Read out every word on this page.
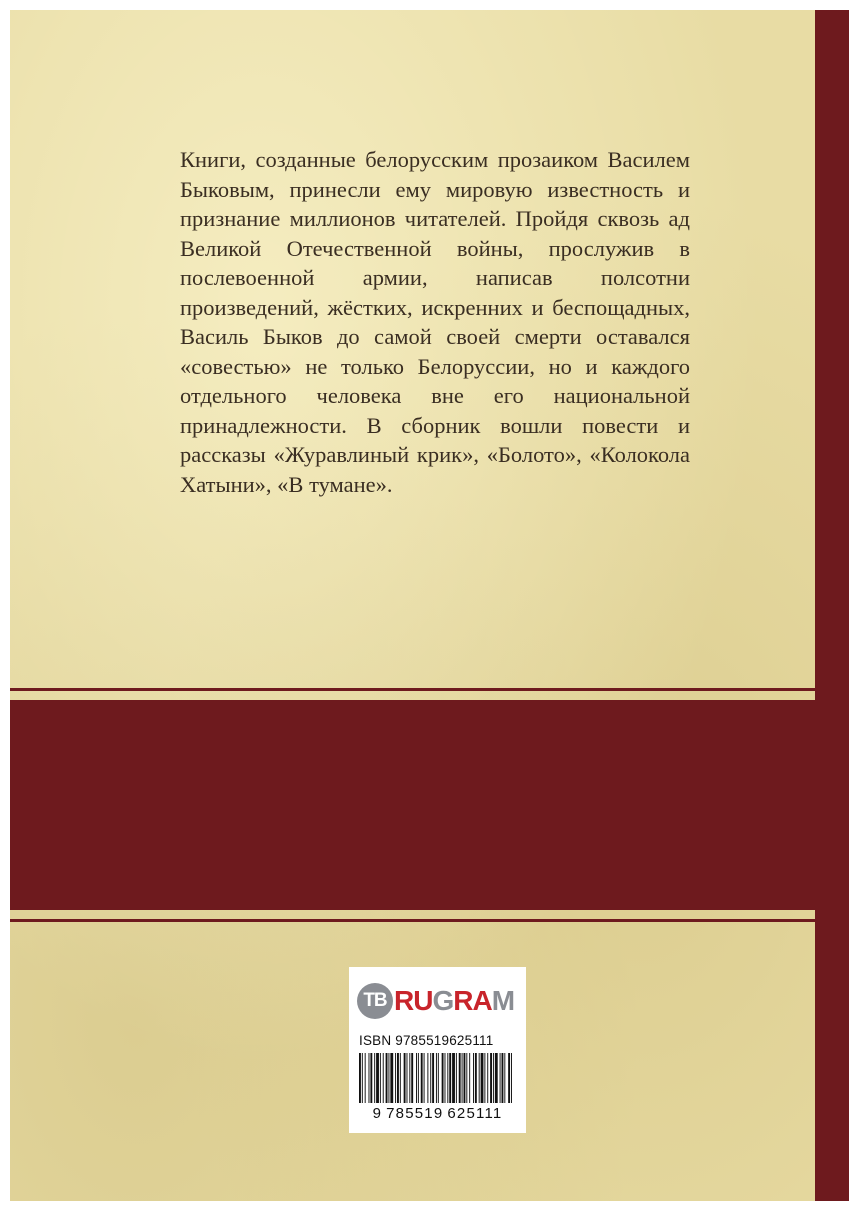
Книги, созданные белорусским прозаиком Василем Быковым, принесли ему мировую известность и признание миллионов читателей. Пройдя сквозь ад Великой Отечественной войны, прослужив в послевоенной армии, написав полсотни произведений, жёстких, искренних и беспощадных, Василь Быков до самой своей смерти оставался «совестью» не только Белоруссии, но и каждого отдельного человека вне его национальной принадлежности. В сборник вошли повести и рассказы «Журавлиный крик», «Болото», «Колокола Хатыни», «В тумане».

TB RU G RA M
ISBN 9785519625111
9 785519 625111
